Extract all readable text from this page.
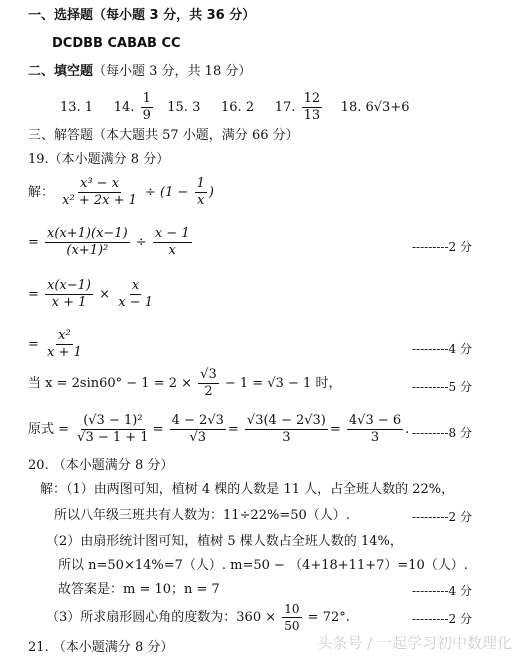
一、选择题（每小题 3 分，共 36 分）
DCDBB CABAB CC
二、填空题（每小题 3 分，共 18 分）
13. 1 14. $\frac{1}{9} 15$. 3 16. 2 17. $\frac{12}{13} 18$. 6√3+6
三、解答题（本大题共 57 小题，满分 66 分）
19.（本小题满分 8 分）
解： $\frac{\text{x³ − x}}{\text{x² + 2x + 1}} \div (1 - \frac{1}{x}$ )
= $\frac{x(x+1)(x-1)}{\text{(x+1)²}} \div \frac{x - 1}{x}$	---------2 分
= $\frac{x(x-1)}{x + 1} \times \frac{x}{x - 1}$
= $\frac{\text{x²}}{x + 1}$	---------4 分
当 $x = 2\sin 60^\circ - 1 = 2 \times \frac{√3}{2} - 1 = √3 - 1$ 时，	---------5 分
原式 = $\frac{\text{(√3 − 1)²}}{√3 - 1 + 1} = \frac{4 - 2√3}{√3} = \frac{√3(4 - 2√3)}{3} = \frac{4√3 - 6}{3}$ . ---------8 分
20. （本小题满分 8 分）
解：（1）由两图可知，植树 4 棵的人数是 11 人，占全班人数的 22%，
所以八年级三班共有人数为：11÷22%=50（人）.	---------2 分
（2）由扇形统计图可知，植树 5 棵人数占全班人数的 14%，
所以 n=50×14%=7（人）. m=50 − （4+18+11+7）=10（人）.
故答案是：m = 10；n = 7	---------4 分
（3）所求扇形圆心角的度数为：$360 \times \frac{10}{50} = 72^\circ$.	---------2 分
21. （本小题满分 8 分）	头条号 / 一起学习初中数理化
